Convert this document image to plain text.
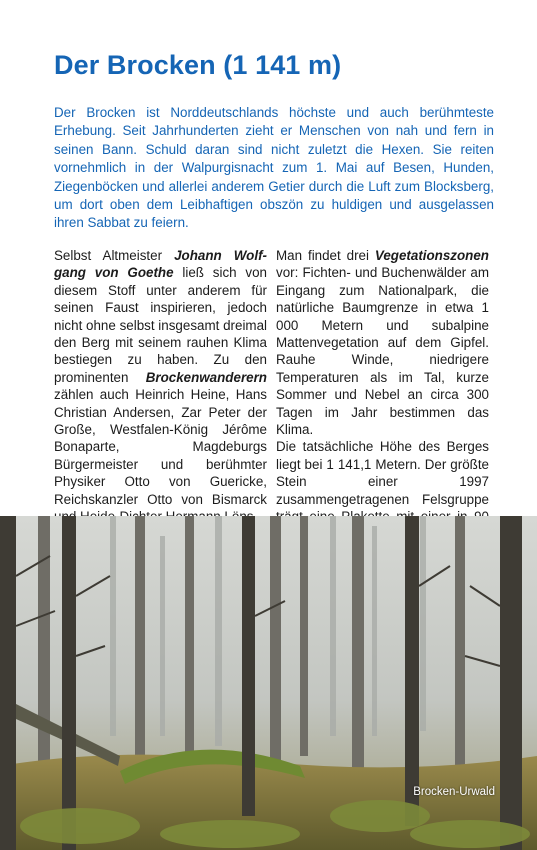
Der Brocken (1 141 m)
Der Brocken ist Norddeutschlands höchste und auch berühmteste Erhebung. Seit Jahrhunderten zieht er Menschen von nah und fern in seinen Bann. Schuld daran sind nicht zuletzt die Hexen. Sie reiten vornehmlich in der Walpurgisnacht zum 1. Mai auf Besen, Hunden, Ziegenböcken und allerlei anderem Getier durch die Luft zum Blocksberg, um dort oben dem Leibhaftigen obszön zu huldigen und ausgelassen ihren Sabbat zu feiern.

Selbst Altmeister Johann Wolfgang von Goethe ließ sich von diesem Stoff unter anderem für seinen Faust inspirieren, jedoch nicht ohne selbst insgesamt dreimal den Berg mit seinem rauhen Klima bestiegen zu haben. Zu den prominenten Brockenwanderern zählen auch Heinrich Heine, Hans Christian Andersen, Zar Peter der Große, Westfalen-König Jérôme Bonaparte, Magdeburgs Bürgermeister und berühmter Physiker Otto von Guericke, Reichskanzler Otto von Bismarck

Man findet drei Vegetationszonen vor: Fichten- und Buchenwälder am Eingang zum Nationalpark, die natürliche Baumgrenze in etwa 1 000 Metern und subalpine Mattenvegetation auf dem Gipfel. Rauhe Winde, niedrigere Temperaturen als im Tal, kurze Sommer und Nebel an circa 300 Tagen im Jahr bestimmen das Klima.

Die tatsächliche Höhe des Berges liegt bei 1 141,1 Metern. Der größte Stein einer 1997 zusammengetragenen Felsgruppe

Brocken-Urwald
